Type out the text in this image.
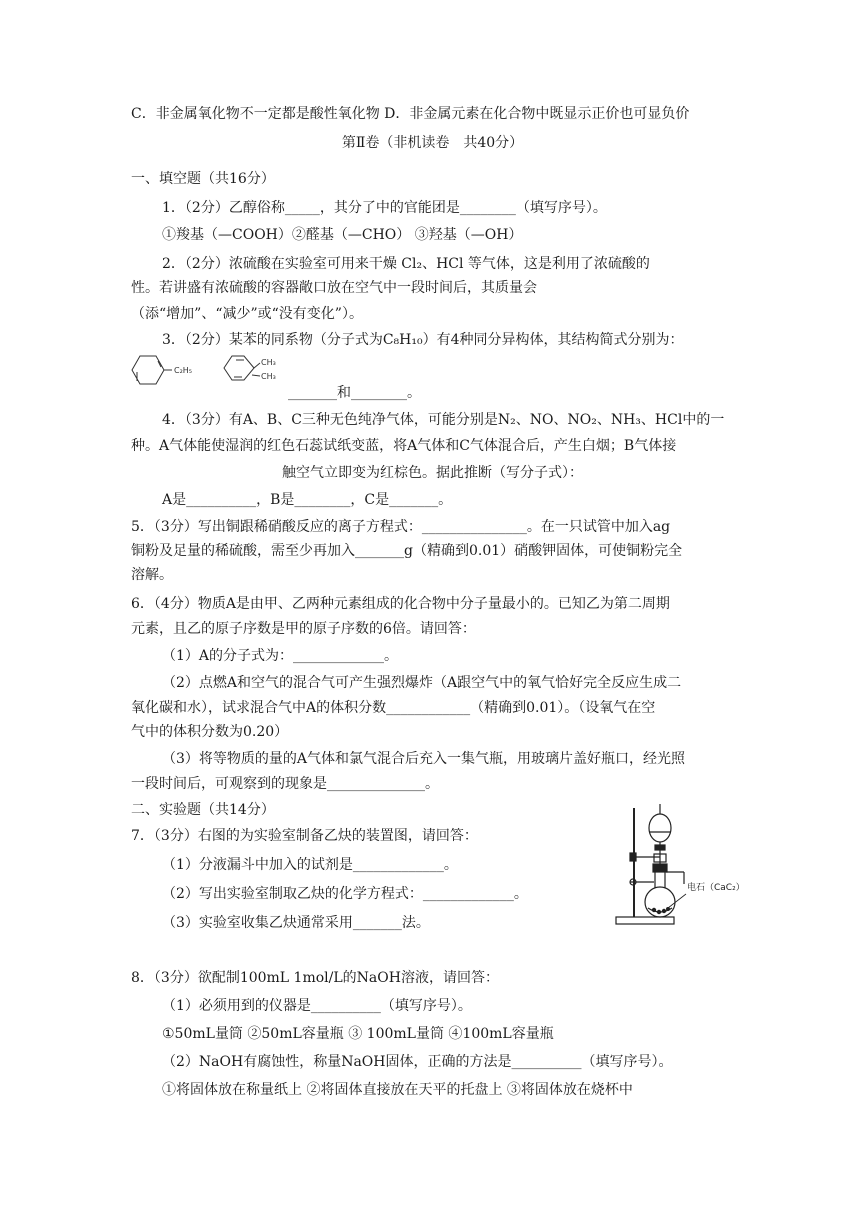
C．非金属氧化物不一定都是酸性氧化物 D．非金属元素在化合物中既显示正价也可显负价
第Ⅱ卷（非机读卷　共40分）
一、填空题（共16分）
1．（2分）乙醇俗称_____，其分了中的官能团是________（填写序号）。
①羧基（—COOH）②醛基（—CHO） ③羟基（—OH）
2．（2分）浓硫酸在实验室可用来干燥 Cl₂、HCl 等气体，这是利用了浓硫酸的
性。若讲盛有浓硫酸的容器敞口放在空气中一段时间后，其质量会
（添“增加”、“减少”或“没有变化”）。
3．（2分）某苯的同系物（分子式为C₈H₁₀）有4种同分异构体，其结构简式分别为：
C₂H₅
CH₃
CH₃
_______和________。
4．（3分）有A、B、C三种无色纯净气体，可能分别是N₂、NO、NO₂、NH₃、HCl中的一
种。A气体能使湿润的红色石蕊试纸变蓝，将A气体和C气体混合后，产生白烟；B气体接
触空气立即变为红棕色。据此推断（写分子式）：
A是__________，B是________，C是_______。
5．（3分）写出铜跟稀硝酸反应的离子方程式：_______________。在一只试管中加入ag
铜粉及足量的稀硫酸，需至少再加入_______g（精确到0.01）硝酸钾固体，可使铜粉完全
溶解。
6．（4分）物质A是由甲、乙两种元素组成的化合物中分子量最小的。已知乙为第二周期
元素，且乙的原子序数是甲的原子序数的6倍。请回答：
（1）A的分子式为：_____________。
（2）点燃A和空气的混合气可产生强烈爆炸（A跟空气中的氧气恰好完全反应生成二
氧化碳和水），试求混合气中A的体积分数____________（精确到0.01）。（设氧气在空
气中的体积分数为0.20）
（3）将等物质的量的A气体和氯气混合后充入一集气瓶，用玻璃片盖好瓶口，经光照
一段时间后，可观察到的现象是______________。
二、实验题（共14分）
7．（3分）右图的为实验室制备乙炔的装置图，请回答：
（1）分液漏斗中加入的试剂是_____________。
（2）写出实验室制取乙炔的化学方程式：_____________。
（3）实验室收集乙炔通常采用_______法。
电石（CaC₂）
8．（3分）欲配制100mL 1mol/L的NaOH溶液，请回答：
（1）必须用到的仪器是__________（填写序号）。
①50mL量筒 ②50mL容量瓶 ③ 100mL量筒 ④100mL容量瓶
（2）NaOH有腐蚀性，称量NaOH固体，正确的方法是__________（填写序号）。
①将固体放在称量纸上 ②将固体直接放在天平的托盘上 ③将固体放在烧杯中
